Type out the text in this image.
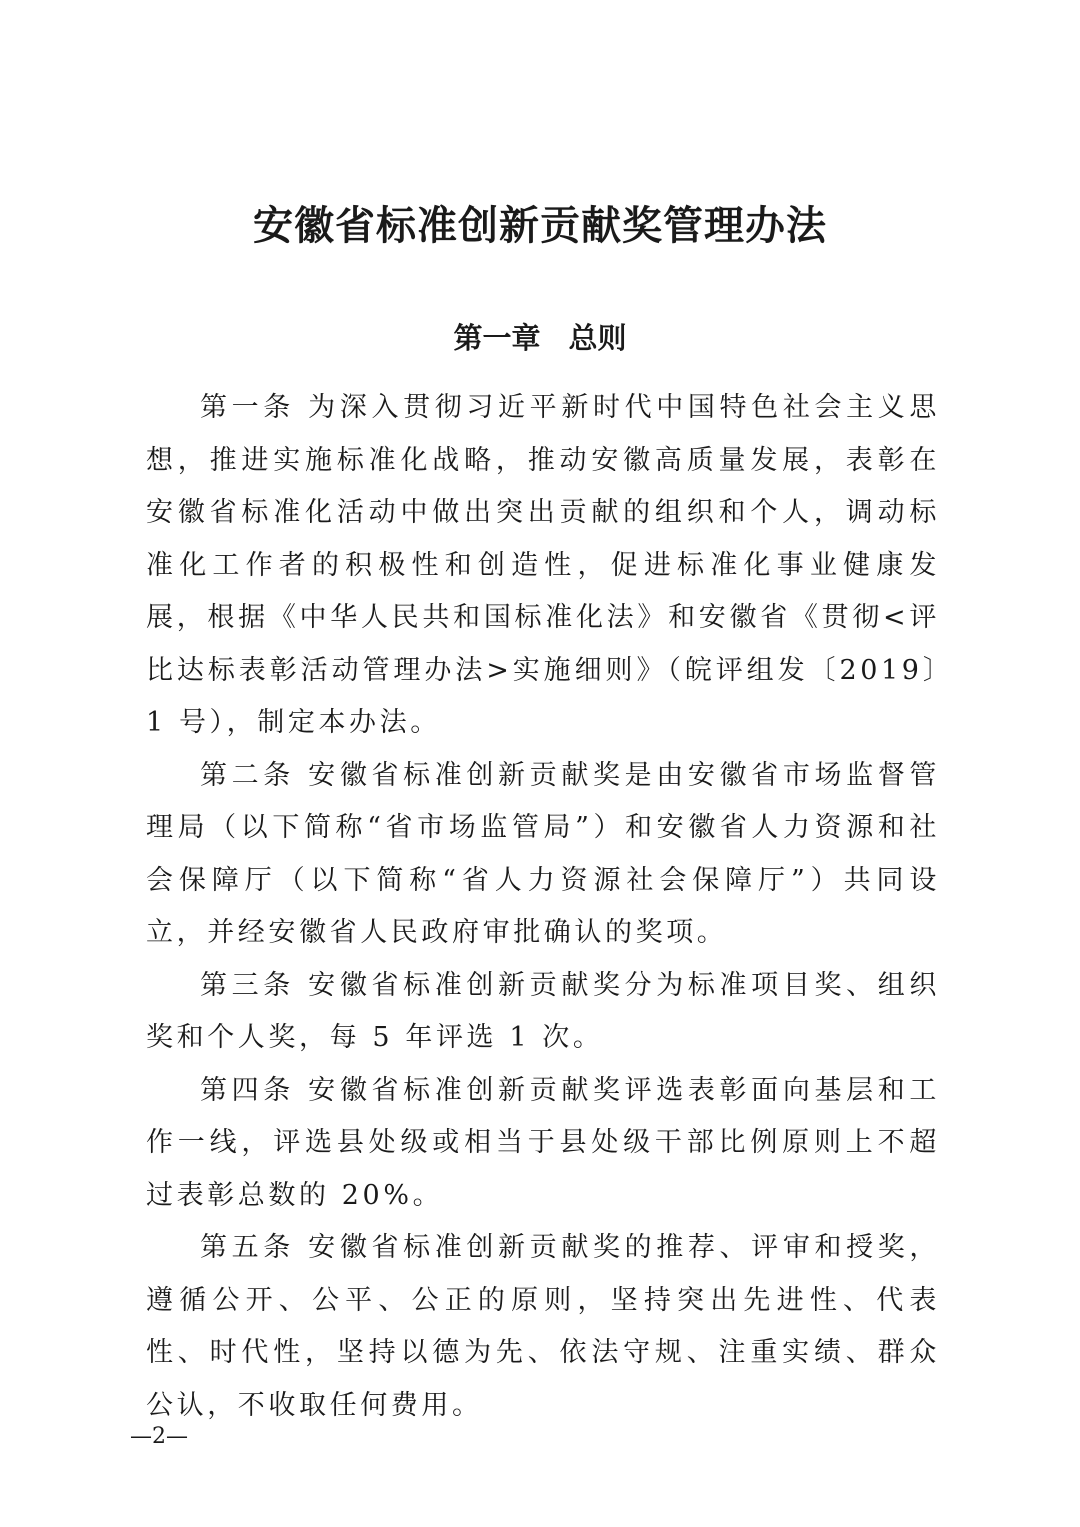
安徽省标准创新贡献奖管理办法
第一章 总则

第一条 为深入贯彻习近平新时代中国特色社会主义思想，推进实施标准化战略，推动安徽高质量发展，表彰在安徽省标准化活动中做出突出贡献的组织和个人，调动标准化工作者的积极性和创造性，促进标准化事业健康发展，根据《中华人民共和国标准化法》和安徽省《贯彻<评比达标表彰活动管理办法>实施细则》（皖评组发〔2019〕1 号），制定本办法。

第二条 安徽省标准创新贡献奖是由安徽省市场监督管理局（以下简称“省市场监管局”）和安徽省人力资源和社会保障厅（以下简称“省人力资源社会保障厅”）共同设立，并经安徽省人民政府审批确认的奖项。

第三条 安徽省标准创新贡献奖分为标准项目奖、组织奖和个人奖，每 5 年评选 1 次。

第四条 安徽省标准创新贡献奖评选表彰面向基层和工作一线，评选县处级或相当于县处级干部比例原则上不超过表彰总数的 20%。

第五条 安徽省标准创新贡献奖的推荐、评审和授奖，遵循公开、公平、公正的原则，坚持突出先进性、代表性、时代性，坚持以德为先、依法守规、注重实绩、群众公认，不收取任何费用。

—2—
